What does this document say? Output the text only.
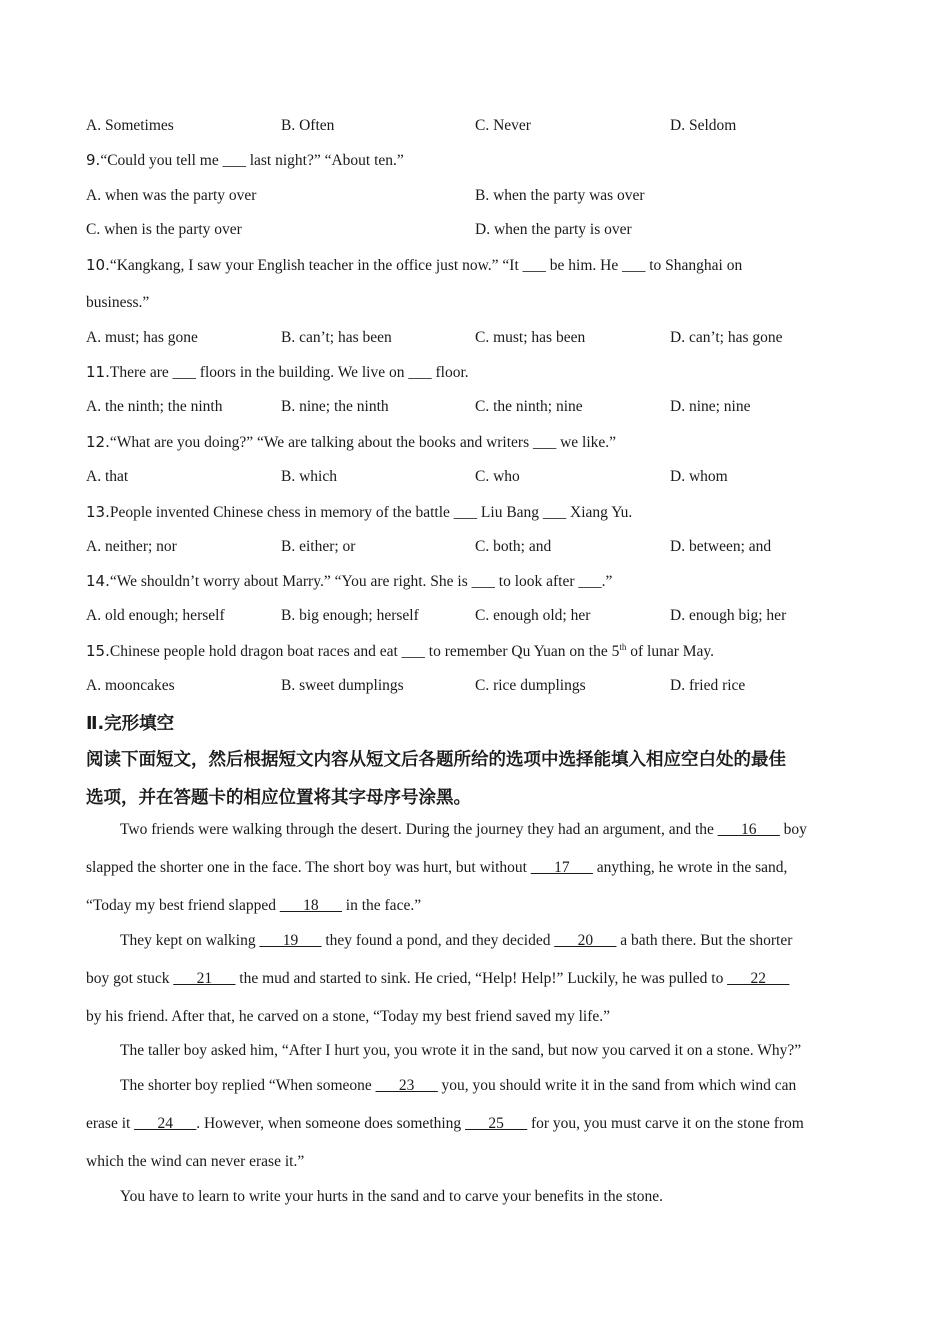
A. Sometimes	B. Often	C. Never	D. Seldom
9.“Could you tell me ___ last night?” “About ten.”
A. when was the party over	B. when the party was over
C. when is the party over	D. when the party is over
10.“Kangkang, I saw your English teacher in the office just now.” “It ___ be him. He ___ to Shanghai on
business.”
A. must; has gone	B. can’t; has been	C. must; has been	D. can’t; has gone
11.There are ___ floors in the building. We live on ___ floor.
A. the ninth; the ninth	B. nine; the ninth	C. the ninth; nine	D. nine; nine
12.“What are you doing?” “We are talking about the books and writers ___ we like.”
A. that	B. which	C. who	D. whom
13.People invented Chinese chess in memory of the battle ___ Liu Bang ___ Xiang Yu.
A. neither; nor	B. either; or	C. both; and	D. between; and
14.“We shouldn’t worry about Marry.” “You are right. She is ___ to look after ___.”
A. old enough; herself	B. big enough; herself	C. enough old; her	D. enough big; her
15.Chinese people hold dragon boat races and eat ___ to remember Qu Yuan on the 5th of lunar May.
A. mooncakes	B. sweet dumplings	C. rice dumplings	D. fried rice
Ⅱ.完形填空
阅读下面短文，然后根据短文内容从短文后各题所给的选项中选择能填入相应空白处的最佳
选项，并在答题卡的相应位置将其字母序号涂黑。
Two friends were walking through the desert. During the journey they had an argument, and the ___16___ boy
slapped the shorter one in the face. The short boy was hurt, but without ___17___ anything, he wrote in the sand,
“Today my best friend slapped ___18___ in the face.”
They kept on walking ___19___ they found a pond, and they decided ___20___ a bath there. But the shorter
boy got stuck ___21___ the mud and started to sink. He cried, “Help! Help!” Luckily, he was pulled to ___22___
by his friend. After that, he carved on a stone, “Today my best friend saved my life.”
The taller boy asked him, “After I hurt you, you wrote it in the sand, but now you carved it on a stone. Why?”
The shorter boy replied “When someone ___23___ you, you should write it in the sand from which wind can
erase it ___24___. However, when someone does something ___25___ for you, you must carve it on the stone from
which the wind can never erase it.”
You have to learn to write your hurts in the sand and to carve your benefits in the stone.
